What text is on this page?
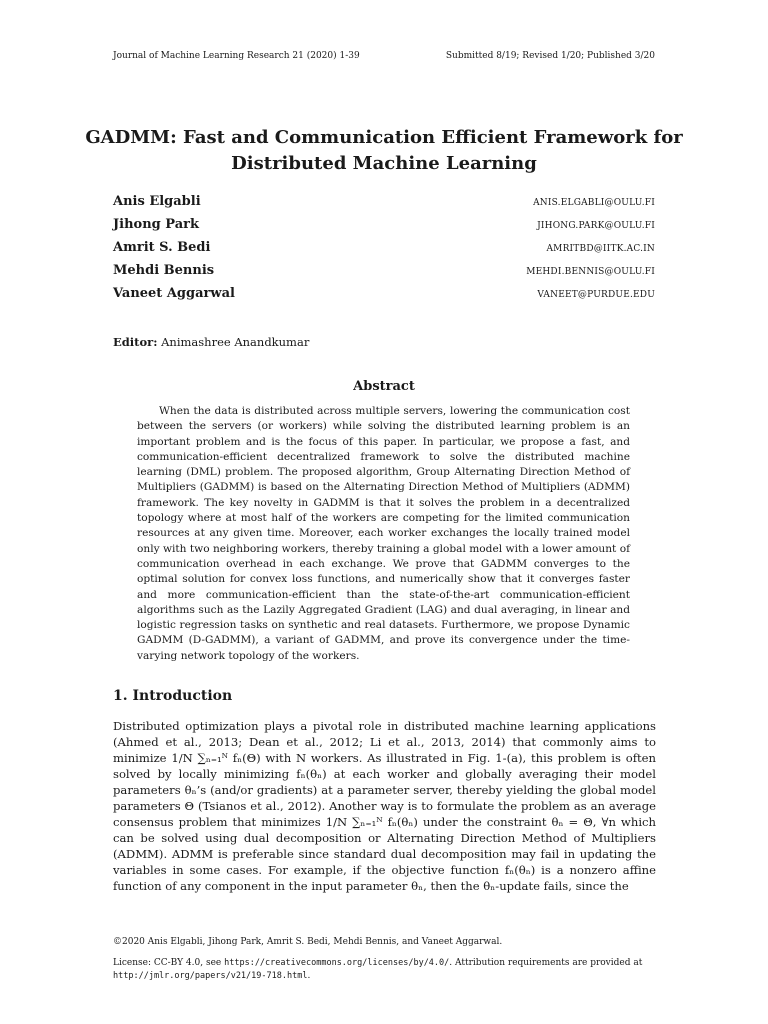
Journal of Machine Learning Research 21 (2020) 1-39	Submitted 8/19; Revised 1/20; Published 3/20
GADMM: Fast and Communication Efficient Framework for
Distributed Machine Learning
Anis Elgabli	ANIS.ELGABLI@OULU.FI
Jihong Park	JIHONG.PARK@OULU.FI
Amrit S. Bedi	AMRITBD@IITK.AC.IN
Mehdi Bennis	MEHDI.BENNIS@OULU.FI
Vaneet Aggarwal	VANEET@PURDUE.EDU
Editor: Animashree Anandkumar
Abstract

When the data is distributed across multiple servers, lowering the communication cost between the servers (or workers) while solving the distributed learning problem is an important problem and is the focus of this paper. In particular, we propose a fast, and communication-efficient decentralized framework to solve the distributed machine learning (DML) problem. The proposed algorithm, Group Alternating Direction Method of Multipliers (GADMM) is based on the Alternating Direction Method of Multipliers (ADMM) framework. The key novelty in GADMM is that it solves the problem in a decentralized topology where at most half of the workers are competing for the limited communication resources at any given time. Moreover, each worker exchanges the locally trained model only with two neighboring workers, thereby training a global model with a lower amount of communication overhead in each exchange. We prove that GADMM converges to the optimal solution for convex loss functions, and numerically show that it converges faster and more communication-efficient than the state-of-the-art communication-efficient algorithms such as the Lazily Aggregated Gradient (LAG) and dual averaging, in linear and logistic regression tasks on synthetic and real datasets. Furthermore, we propose Dynamic GADMM (D-GADMM), a variant of GADMM, and prove its convergence under the time-varying network topology of the workers.

1. Introduction

Distributed optimization plays a pivotal role in distributed machine learning applications (Ahmed et al., 2013; Dean et al., 2012; Li et al., 2013, 2014) that commonly aims to minimize 1/N ∑ₙ₌₁ᴺ fₙ(Θ) with N workers. As illustrated in Fig. 1-(a), this problem is often solved by locally minimizing fₙ(θₙ) at each worker and globally averaging their model parameters θₙ’s (and/or gradients) at a parameter server, thereby yielding the global model parameters Θ (Tsianos et al., 2012). Another way is to formulate the problem as an average consensus problem that minimizes 1/N ∑ₙ₌₁ᴺ fₙ(θₙ) under the constraint θₙ = Θ, ∀n which can be solved using dual decomposition or Alternating Direction Method of Multipliers (ADMM). ADMM is preferable since standard dual decomposition may fail in updating the variables in some cases. For example, if the objective function fₙ(θₙ) is a nonzero affine function of any component in the input parameter θₙ, then the θₙ-update fails, since the

©2020 Anis Elgabli, Jihong Park, Amrit S. Bedi, Mehdi Bennis, and Vaneet Aggarwal.
License: CC-BY 4.0, see https://creativecommons.org/licenses/by/4.0/. Attribution requirements are provided at http://jmlr.org/papers/v21/19-718.html.
